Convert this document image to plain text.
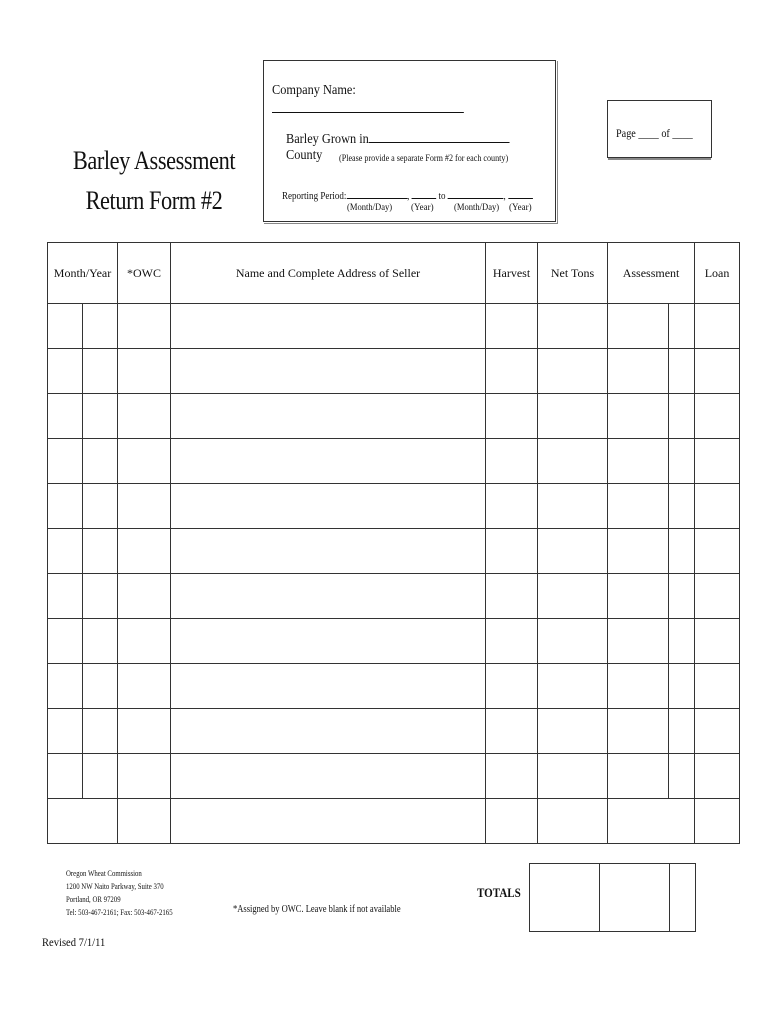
Barley Assessment
Return Form #2
Company Name:
Barley Grown inCounty	(Please provide a separate Form #2 for each county)
Reporting Period:	,	to	,
(Month/Day) (Year) (Month/Day) (Year)
Page ____ of ____
Month/Year		*OWC	Name and Complete Address of Seller	Harvest	Net Tons	Assessment		Loan

Oregon Wheat Commission
1200 NW Naito Parkway, Suite 370
Portland, OR 97209
Tel: 503-467-2161; Fax: 503-467-2165	*Assigned by OWC. Leave blank if not available
TOTALS
Revised 7/1/11
